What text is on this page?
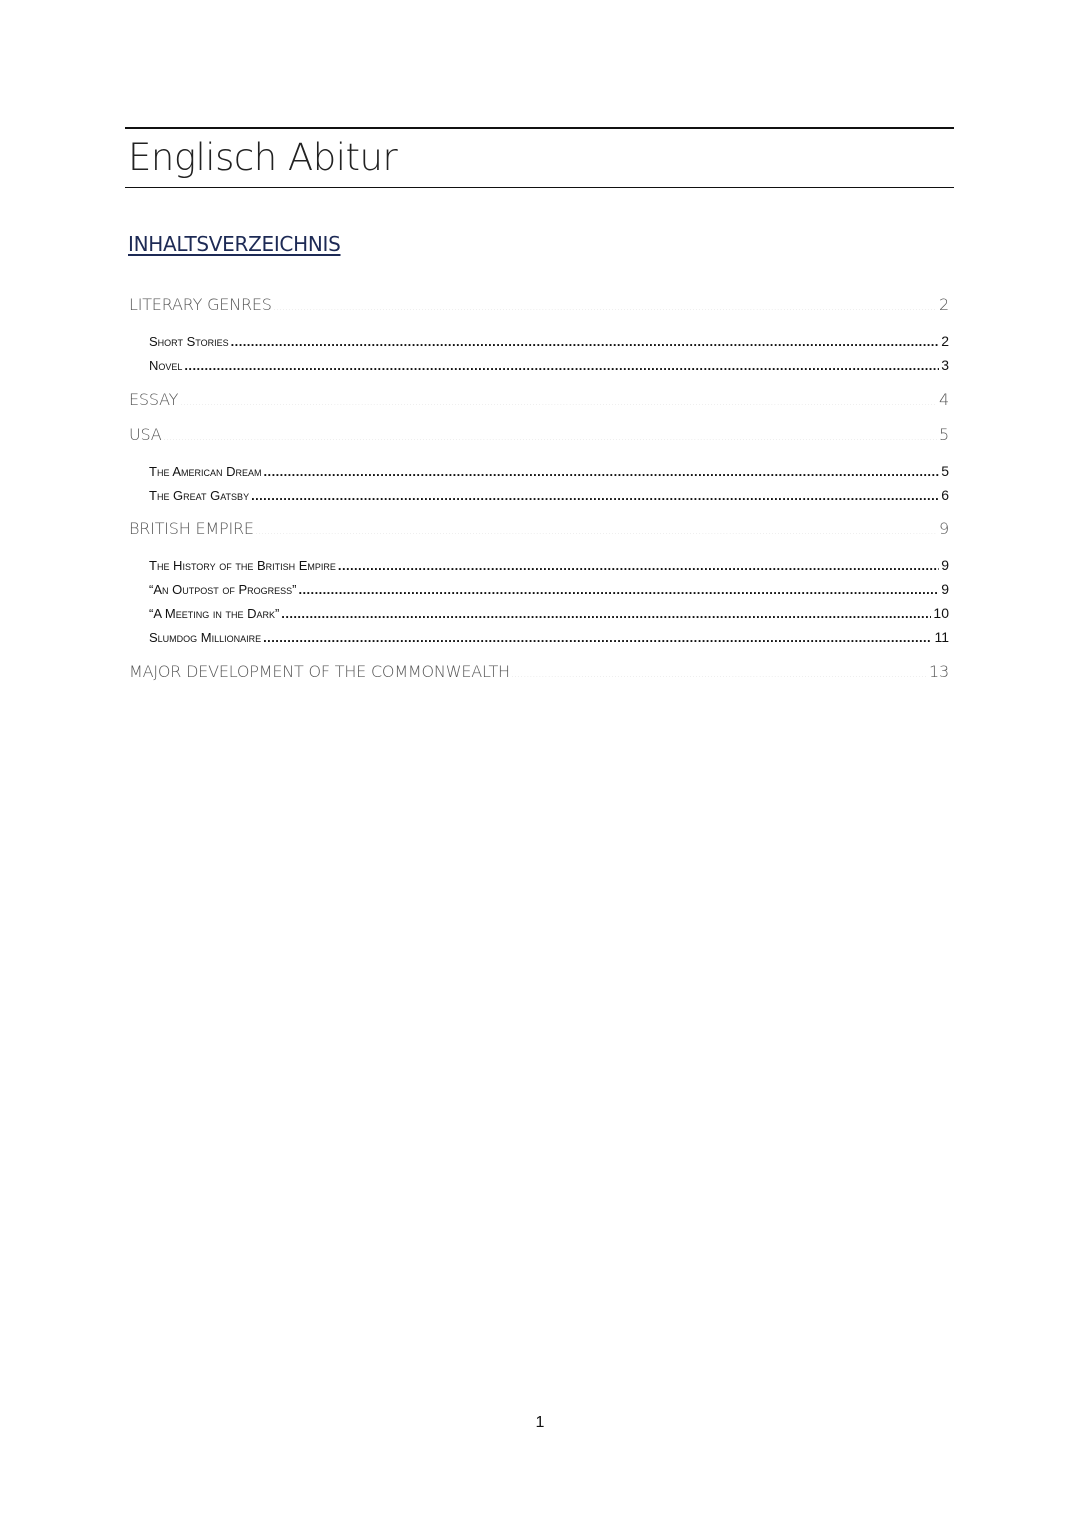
Englisch Abitur
INHALTSVERZEICHNIS
LITERARY GENRES . . .	2
Short Stories . . .	2
Novel . . .	3
ESSAY . . .	4
USA . . .	5
The American Dream . . .	5
The Great Gatsby . . .	6
BRITISH EMPIRE . . .	9
The History of the British Empire . . .	9
“An Outpost of Progress” . . .	9
“A Meeting in the Dark” . . .	10
Slumdog Millionaire . . .	11
MAJOR DEVELOPMENT OF THE COMMONWEALTH . . .	13
1
